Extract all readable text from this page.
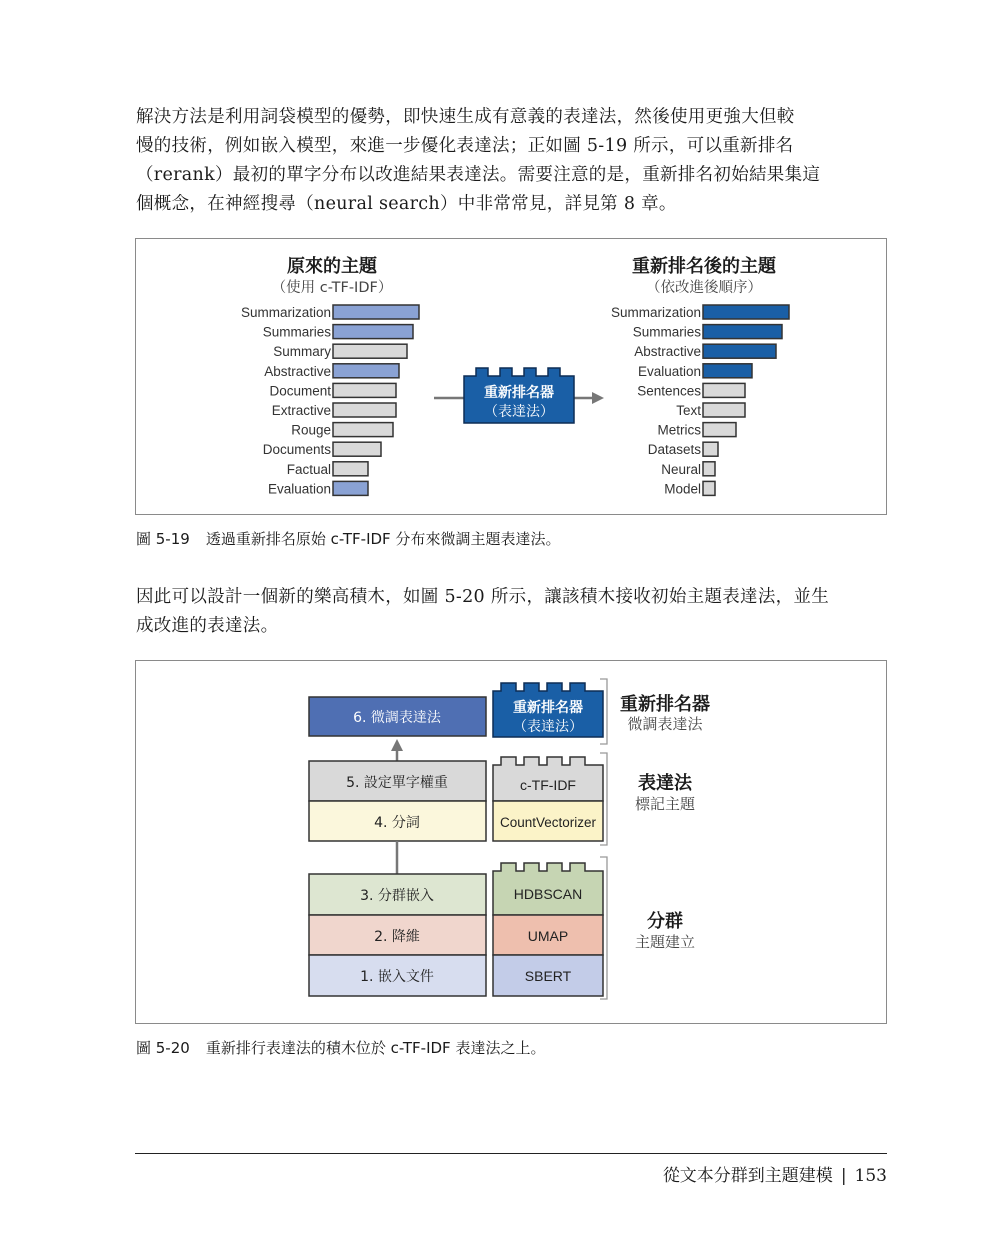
解決方法是利用詞袋模型的優勢，即快速生成有意義的表達法，然後使用更強大但較
慢的技術，例如嵌入模型，來進一步優化表達法；正如圖 5-19 所示，可以重新排名
（rerank）最初的單字分布以改進結果表達法。需要注意的是，重新排名初始結果集這
個概念，在神經搜尋（neural search）中非常常見，詳見第 8 章。
原來的主題
（使用 c-TF-IDF）
重新排名後的主題
（依改進後順序）
Summarization
Summaries
Summary
Abstractive
Document
Extractive
Rouge
Documents
Factual
Evaluation
Summarization
Summaries
Abstractive
Evaluation
Sentences
Text
Metrics
Datasets
Neural
Model
重新排名器
（表達法）
圖 5-19 透過重新排名原始 c-TF-IDF 分布來微調主題表達法。
因此可以設計一個新的樂高積木，如圖 5-20 所示，讓該積木接收初始主題表達法，並生
成改進的表達法。
6. 微調表達法
5. 設定單字權重
4. 分詞
3. 分群嵌入
2. 降維
1. 嵌入文件
重新排名器
（表達法）
c-TF-IDF
CountVectorizer
HDBSCAN
UMAP
SBERT
重新排名器
微調表達法
表達法
標記主題
分群
主題建立
圖 5-20 重新排行表達法的積木位於 c-TF-IDF 表達法之上。
從文本分群到主題建模 | 153
